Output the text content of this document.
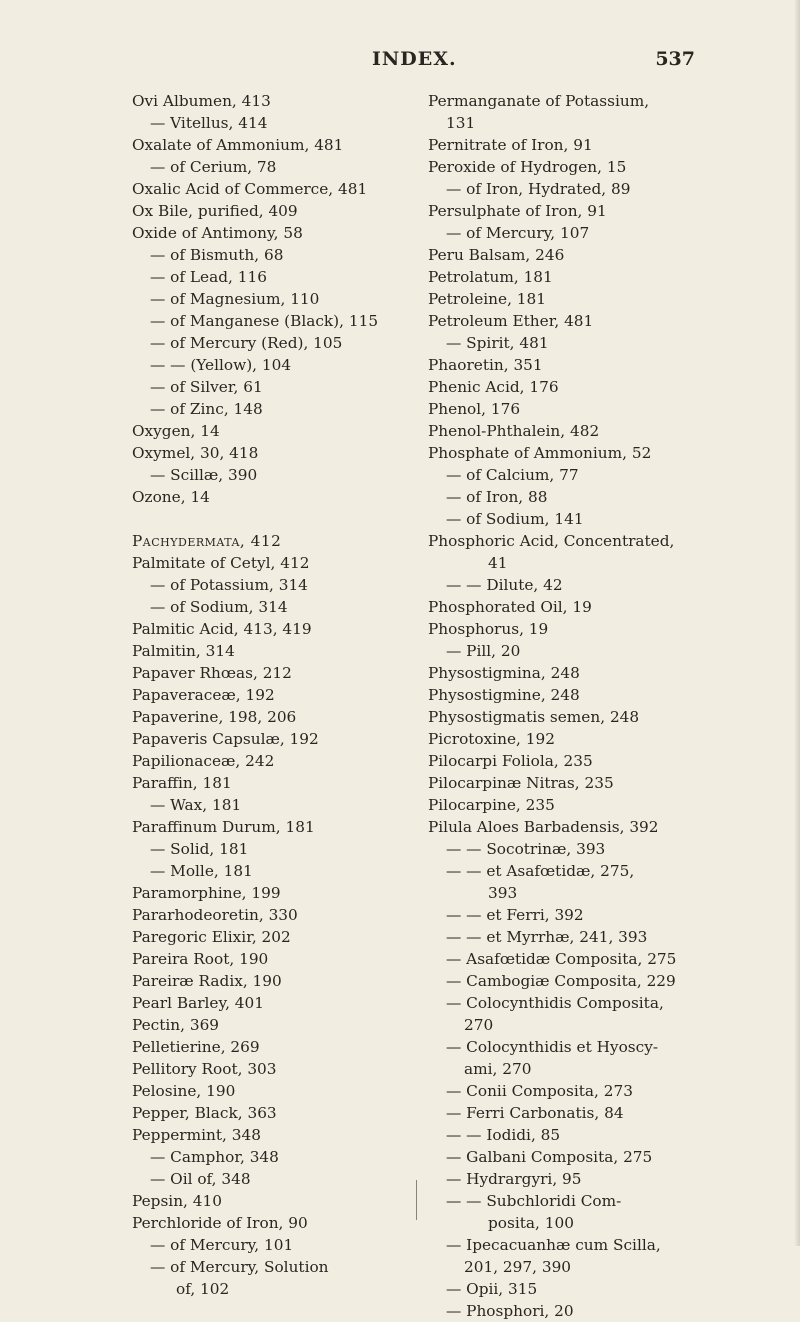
INDEX.	537
Ovi Albumen, 413
— Vitellus, 414
Oxalate of Ammonium, 481
— of Cerium, 78
Oxalic Acid of Commerce, 481
Ox Bile, purified, 409
Oxide of Antimony, 58
— of Bismuth, 68
— of Lead, 116
— of Magnesium, 110
— of Manganese (Black), 115
— of Mercury (Red), 105
— — (Yellow), 104
— of Silver, 61
— of Zinc, 148
Oxygen, 14
Oxymel, 30, 418
— Scillæ, 390
Ozone, 14
Pachydermata, 412
Palmitate of Cetyl, 412
— of Potassium, 314
— of Sodium, 314
Palmitic Acid, 413, 419
Palmitin, 314
Papaver Rhœas, 212
Papaveraceæ, 192
Papaverine, 198, 206
Papaveris Capsulæ, 192
Papilionaceæ, 242
Paraffin, 181
— Wax, 181
Paraffinum Durum, 181
— Solid, 181
— Molle, 181
Paramorphine, 199
Pararhodeoretin, 330
Paregoric Elixir, 202
Pareira Root, 190
Pareiræ Radix, 190
Pearl Barley, 401
Pectin, 369
Pelletierine, 269
Pellitory Root, 303
Pelosine, 190
Pepper, Black, 363
Peppermint, 348
— Camphor, 348
— Oil of, 348
Pepsin, 410
Perchloride of Iron, 90
— of Mercury, 101
— of Mercury, Solution
of, 102
Permanganate of Potassium,
131
Pernitrate of Iron, 91
Peroxide of Hydrogen, 15
— of Iron, Hydrated, 89
Persulphate of Iron, 91
— of Mercury, 107
Peru Balsam, 246
Petrolatum, 181
Petroleine, 181
Petroleum Ether, 481
— Spirit, 481
Phaoretin, 351
Phenic Acid, 176
Phenol, 176
Phenol-Phthalein, 482
Phosphate of Ammonium, 52
— of Calcium, 77
— of Iron, 88
— of Sodium, 141
Phosphoric Acid, Concentrated,
41
— — Dilute, 42
Phosphorated Oil, 19
Phosphorus, 19
— Pill, 20
Physostigmina, 248
Physostigmine, 248
Physostigmatis semen, 248
Picrotoxine, 192
Pilocarpi Foliola, 235
Pilocarpinæ Nitras, 235
Pilocarpine, 235
Pilula Aloes Barbadensis, 392
— — Socotrinæ, 393
— — et Asafœtidæ, 275,
393
— — et Ferri, 392
— — et Myrrhæ, 241, 393
— Asafœtidæ Composita, 275
— Cambogiæ Composita, 229
— Colocynthidis Composita,
270
— Colocynthidis et Hyoscy-
ami, 270
— Conii Composita, 273
— Ferri Carbonatis, 84
— — Iodidi, 85
— Galbani Composita, 275
— Hydrargyri, 95
— — Subchloridi Com-
posita, 100
— Ipecacuanhæ cum Scilla,
201, 297, 390
— Opii, 315
— Phosphori, 20
